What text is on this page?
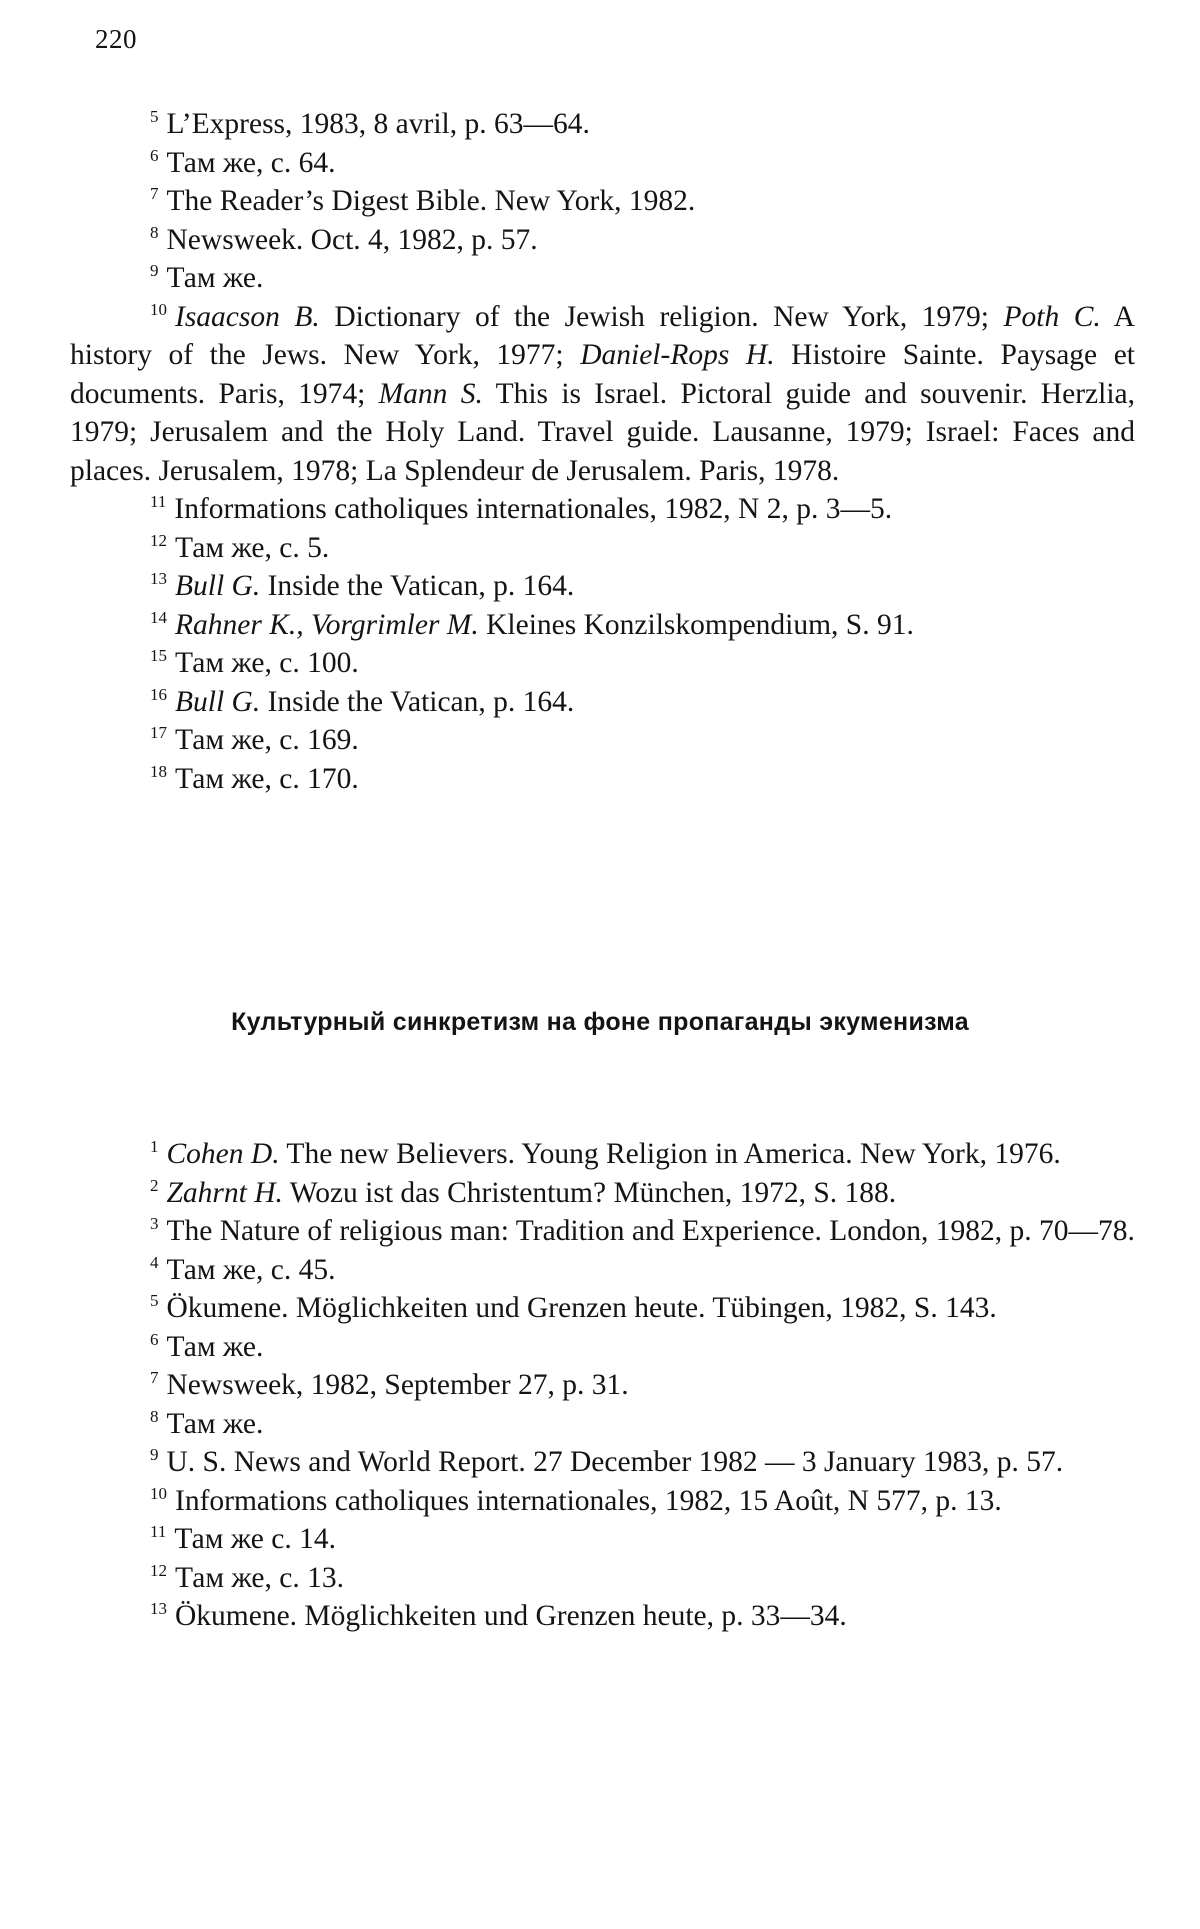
220

$^5$ L’Express, 1983, 8 avril, p. 63—64.

$^6$ Там же, с. 64.

$^7$ The Reader’s Digest Bible. New York, 1982.

$^8$ Newsweek. Oct. 4, 1982, p. 57.

$^9$ Там же.

$^{10}$ Isaacson B. Dictionary of the Jewish religion. New York, 1979; Poth C. A history of the Jews. New York, 1977; Daniel-Rops H. Histoire Sainte. Paysage et documents. Paris, 1974; Mann S. This is Israel. Pictoral guide and souvenir. Herzlia, 1979; Jerusalem and the Holy Land. Travel guide. Lausanne, 1979; Israel: Faces and places. Jerusalem, 1978; La Splendeur de Jerusalem. Paris, 1978.

$^{11}$ Informations catholiques internationales, 1982, N 2, p. 3—5.

$^{12}$ Там же, с. 5.

$^{13}$ Bull G. Inside the Vatican, p. 164.

$^{14}$ Rahner K., Vorgrimler M. Kleines Konzilskompendium, S. 91.

$^{15}$ Там же, с. 100.

$^{16}$ Bull G. Inside the Vatican, p. 164.

$^{17}$ Там же, с. 169.

$^{18}$ Там же, с. 170.

Культурный синкретизм на фоне пропаганды экуменизма

$^1$ Cohen D. The new Believers. Young Religion in America. New York, 1976.

$^2$ Zahrnt H. Wozu ist das Christentum? München, 1972, S. 188.

$^3$ The Nature of religious man: Tradition and Experience. London, 1982, p. 70—78.

$^4$ Там же, с. 45.

$^5$ Ökumene. Möglichkeiten und Grenzen heute. Tübingen, 1982, S. 143.

$^6$ Там же.

$^7$ Newsweek, 1982, September 27, p. 31.

$^8$ Там же.

$^9$ U. S. News and World Report. 27 December 1982 — 3 January 1983, p. 57.

$^{10}$ Informations catholiques internationales, 1982, 15 Août, N 577, p. 13.

$^{11}$ Там же с. 14.

$^{12}$ Там же, с. 13.

$^{13}$ Ökumene. Möglichkeiten und Grenzen heute, p. 33—34.
